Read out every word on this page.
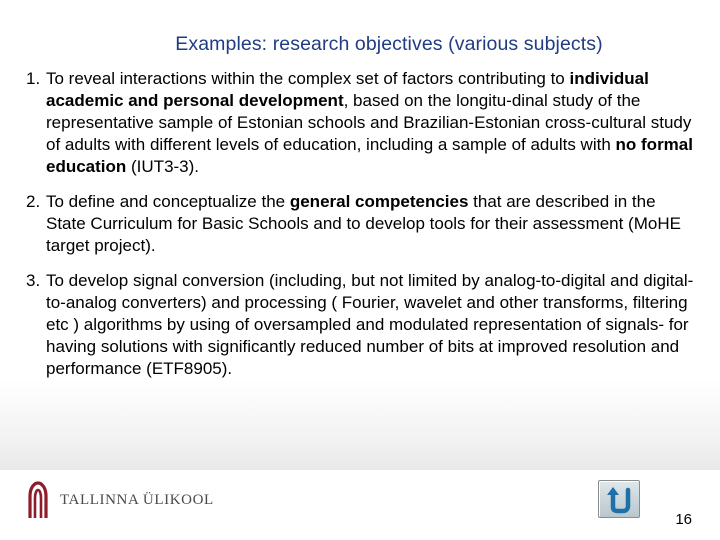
Examples: research objectives (various subjects)
1. To reveal interactions within the complex set of factors contributing to individual academic and personal development, based on the longitu-dinal study of the representative sample of Estonian schools and Brazilian-Estonian cross-cultural study of adults with different levels of education, including a sample of adults with no formal education (IUT3-3).
2. To define and conceptualize the general competencies that are described in the State Curriculum for Basic Schools and to develop tools for their assessment (MoHE target project).
3. To develop signal conversion (including, but not limited by analog-to-digital and digital-to-analog converters) and processing ( Fourier, wavelet and other transforms, filtering etc ) algorithms by using of oversampled and modulated representation of signals- for having solutions with significantly reduced number of bits at improved resolution and performance (ETF8905).
TALLINNA ÜLIKOOL
16
